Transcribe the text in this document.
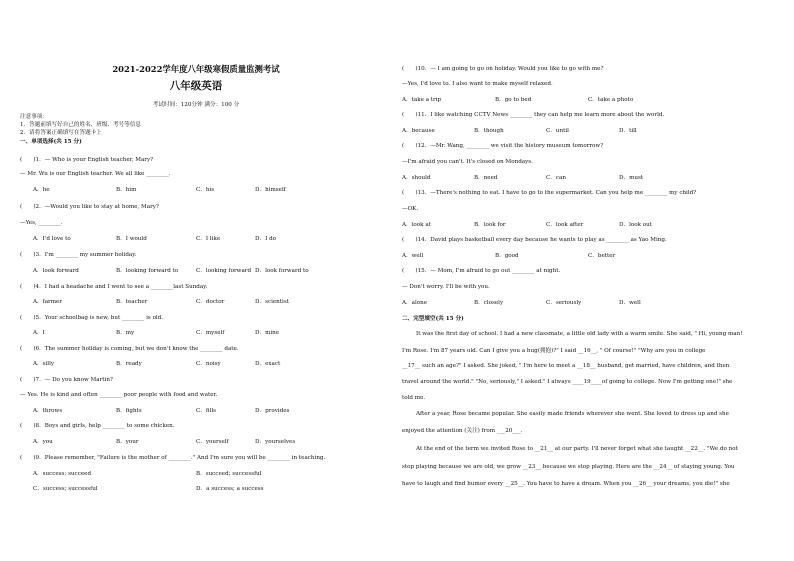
2021-2022学年度八年级寒假质量监测考试
八年级英语
考试时间：120分钟 满分：100 分
注意事项：
1．答题前填写好自己的姓名、班级、考号等信息
2．请将答案正确填写在答题卡上
一、单项选择(共 15 分)
(　　)1．— Who is your English teacher, Mary?
— Mr. Wu is our English teacher. We all like ________.
A．he	B．him	C．his	D．himself
(　　)2．—Would you like to stay at home, Mary?
—Yes, ________.
A．I'd love to	B．I would	C．I like	D．I do
(　　)3．I'm ________ my summer holiday.
A．look forward	B．looking forward to	C．looking forward D．look forward to
(　　)4．I had a headache and I went to see a ________last Sunday.
A．farmer	B．teacher	C．doctor	D．scientist
(　　)5．Your schoolbag is new, but ________ is old.
A．I	B．my	C．myself	D．mine
(　　)6．The summer holiday is coming, but we don't know the ________ date.
A．silly	B．ready	C．noisy	D．exact
(　　)7．— Do you know Martin?
— Yes. He is kind and often ________ poor people with food and water.
A．throws	B．fights	C．fills	D．provides
(　　)8．Boys and girls, help ________ to some chicken.
A．you	B．your	C．yourself	D．yourselves
(　　)9．Please remember, "Failure is the mother of ________." And I'm sure you will be ________ in teaching.
A．success; succeed	B．succeed; successful
C．success; successful	D．a success; a success
(　　)10．— I am going to go on holiday. Would you like to go with me?
—Yes, I'd love to. I also want to make myself relaxed.
A．take a trip	B．go to bed	C．take a photo
(　　)11．I like watching CCTV News ________ they can help me learn more about the world.
A．because	B．though	C．until	D．till
(　　)12．—Mr. Wang, ________ we visit the history museum tomorrow?
—I'm afraid you can't. It's closed on Mondays.
A．should	B．need	C．can	D．must
(　　)13．—There's nothing to eat. I have to go to the supermarket. Can you help me ________ my child?
—OK.
A．look at	B．look for	C．look after	D．look out
(　　)14．David plays basketball every day because he wants to play as ________ as Yao Ming.
A．well	B．good	C．better
(　　)15．— Mom, I'm afraid to go out ________ at night.
— Don't worry. I'll be with you.
A．alone	B．closely	C．seriously	D．well
二、完型填空(共 15 分)
It was the first day of school. I had a new classmate, a little old lady with a warm smile. She said, " Hi, young man!
I'm Rose. I'm 87 years old. Can I give you a hug(拥抱)?" I said __16__, " Of course!" "Why are you in college
__17__ such an age?" I asked. She joked, " I'm here to meet a __18__ husband, get married, have children, and then
travel around the world." "No, seriously," I asked." I always ____19____of going to college. Now I'm getting one!" she
told me.
After a year, Rose became popular. She easily made friends wherever she went. She loved to dress up and she
enjoyed the attention (关注) from ___20___.
At the end of the term we invited Rose to __21__ at our party. I'll never forget what she taught __22__. "We do not
stop playing because we are old, we grow __23__ because we stop playing. Here are the __24__ of staying young. You
have to laugh and find humor every __25__. You have to have a dream. When you __26__ your dreams, you die!" she
